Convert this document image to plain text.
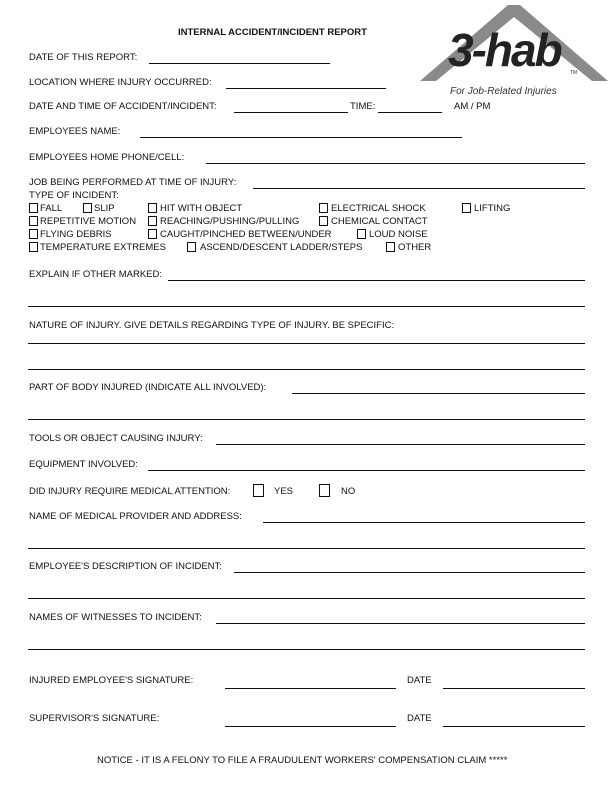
INTERNAL ACCIDENT/INCIDENT REPORT 3-hab TM
For Job-Related Injuries
DATE OF THIS REPORT:
LOCATION WHERE INJURY OCCURRED:
DATE AND TIME OF ACCIDENT/INCIDENT:	TIME:	AM / PM
EMPLOYEES NAME:
EMPLOYEES HOME PHONE/CELL:
JOB BEING PERFORMED AT TIME OF INJURY:
TYPE OF INCIDENT:
FALL	SLIP	HIT WITH OBJECT	ELECTRICAL SHOCK	LIFTING
REPETITIVE MOTION	REACHING/PUSHING/PULLING	CHEMICAL CONTACT
FLYING DEBRIS	CAUGHT/PINCHED BETWEEN/UNDER	LOUD NOISE
TEMPERATURE EXTREMES	ASCEND/DESCENT LADDER/STEPS	OTHER
EXPLAIN IF OTHER MARKED:
NATURE OF INJURY. GIVE DETAILS REGARDING TYPE OF INJURY. BE SPECIFIC:
PART OF BODY INJURED (INDICATE ALL INVOLVED):
TOOLS OR OBJECT CAUSING INJURY:
EQUIPMENT INVOLVED:
DID INJURY REQUIRE MEDICAL ATTENTION:	YES	NO
NAME OF MEDICAL PROVIDER AND ADDRESS:
EMPLOYEE'S DESCRIPTION OF INCIDENT:
NAMES OF WITNESSES TO INCIDENT:
INJURED EMPLOYEE'S SIGNATURE:	DATE
SUPERVISOR'S SIGNATURE:	DATE
NOTICE - IT IS A FELONY TO FILE A FRAUDULENT WORKERS' COMPENSATION CLAIM *****
